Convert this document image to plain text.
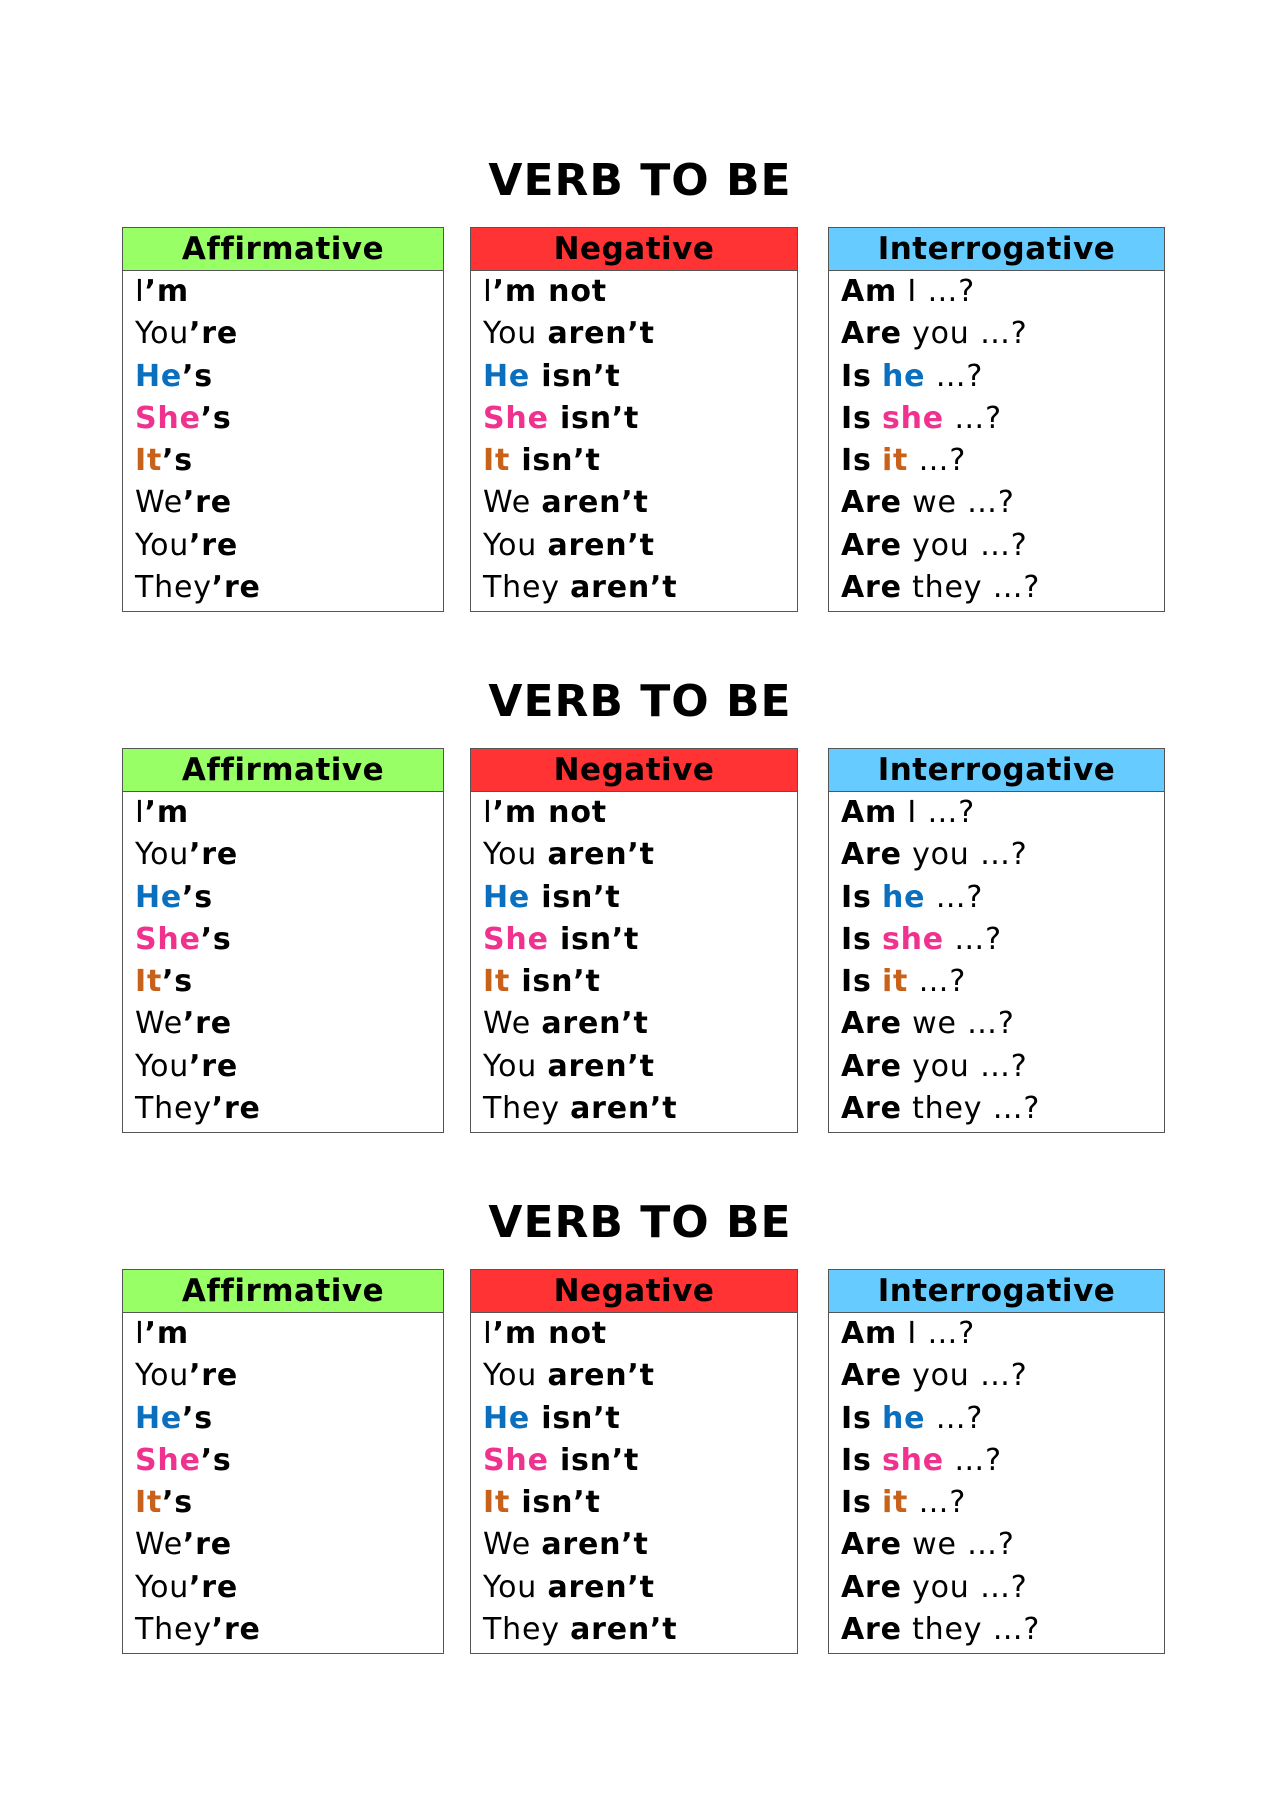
VERB TO BE
Affirmative
I’m
You’re
He’s
She’s
It’s
We’re
You’re
They’re
Negative
I’m not
You aren’t
He isn’t
She isn’t
It isn’t
We aren’t
You aren’t
They aren’t
Interrogative
Am I …?
Are you …?
Is he …?
Is she …?
Is it …?
Are we …?
Are you …?
Are they …?
VERB TO BE
Affirmative
I’m
You’re
He’s
She’s
It’s
We’re
You’re
They’re
Negative
I’m not
You aren’t
He isn’t
She isn’t
It isn’t
We aren’t
You aren’t
They aren’t
Interrogative
Am I …?
Are you …?
Is he …?
Is she …?
Is it …?
Are we …?
Are you …?
Are they …?
VERB TO BE
Affirmative
I’m
You’re
He’s
She’s
It’s
We’re
You’re
They’re
Negative
I’m not
You aren’t
He isn’t
She isn’t
It isn’t
We aren’t
You aren’t
They aren’t
Interrogative
Am I …?
Are you …?
Is he …?
Is she …?
Is it …?
Are we …?
Are you …?
Are they …?
